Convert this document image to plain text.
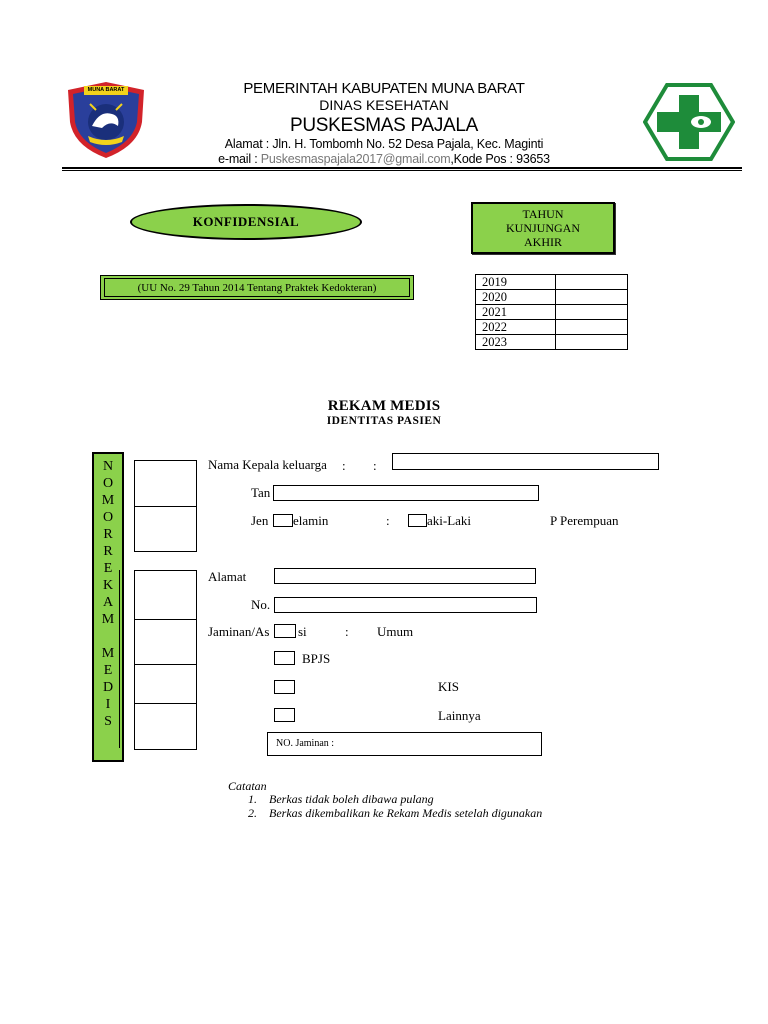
MUNA BARAT	PEMERINTAH KABUPATEN MUNA BARAT
DINAS KESEHATAN
PUSKESMAS PAJALA
Alamat : Jln. H. Tombomh No. 52 Desa Pajala, Kec. Maginti
e-mail : Puskesmaspajala2017@gmail.com,Kode Pos : 93653
KONFIDENSIAL	TAHUN
KUNJUNGAN
AKHIR
(UU No. 29 Tahun 2014 Tentang Praktek Kedokteran)	2019	
2020	
2021	
2022	
2023	
REKAM MEDIS
IDENTITAS PASIEN
N
O
M
O
R
R
E
K
A
M
M
E
D
I
S
Nama Kepala keluarga : :
Tan
Jen elamin	:	aki-Laki	P Perempuan
Alamat
No.
Jaminan/As si	: Umum
BPJS
KIS
Lainnya
NO. Jaminan :
Catatan
1. Berkas tidak boleh dibawa pulang
2. Berkas dikembalikan ke Rekam Medis setelah digunakan
